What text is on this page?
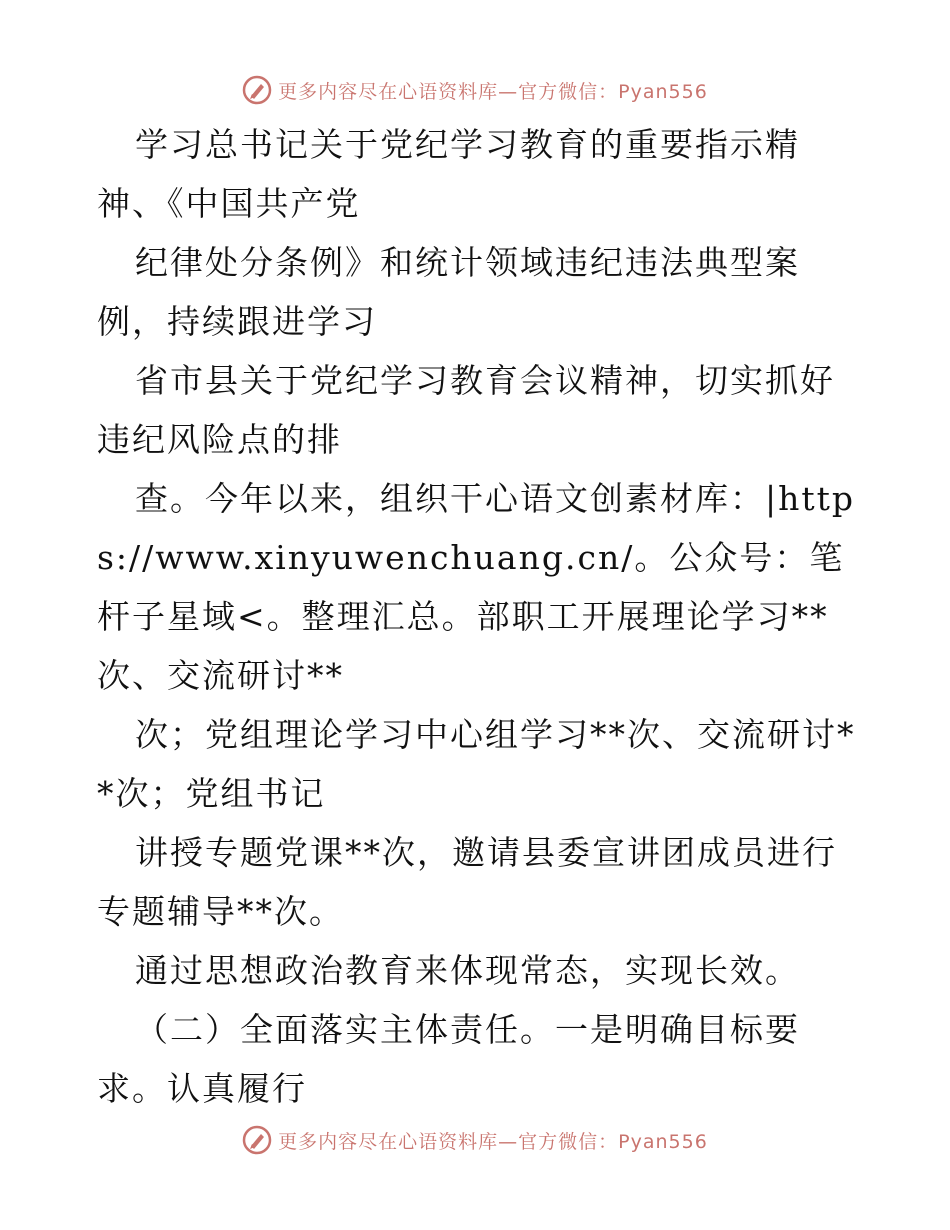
更多内容尽在心语资料库—官方微信：Pyan556

学习总书记关于党纪学习教育的重要指示精神、《中国共产党

纪律处分条例》和统计领域违纪违法典型案例，持续跟进学习

省市县关于党纪学习教育会议精神，切实抓好违纪风险点的排

查。今年以来，组织干心语文创素材库：|https://www.xinyuwenchuang.cn/。公众号：笔杆子星域<。整理汇总。部职工开展理论学习**次、交流研讨**

次；党组理论学习中心组学习**次、交流研讨**次；党组书记

讲授专题党课**次，邀请县委宣讲团成员进行专题辅导**次。

通过思想政治教育来体现常态，实现长效。

（二）全面落实主体责任。一是明确目标要求。认真履行

更多内容尽在心语资料库—官方微信：Pyan556
